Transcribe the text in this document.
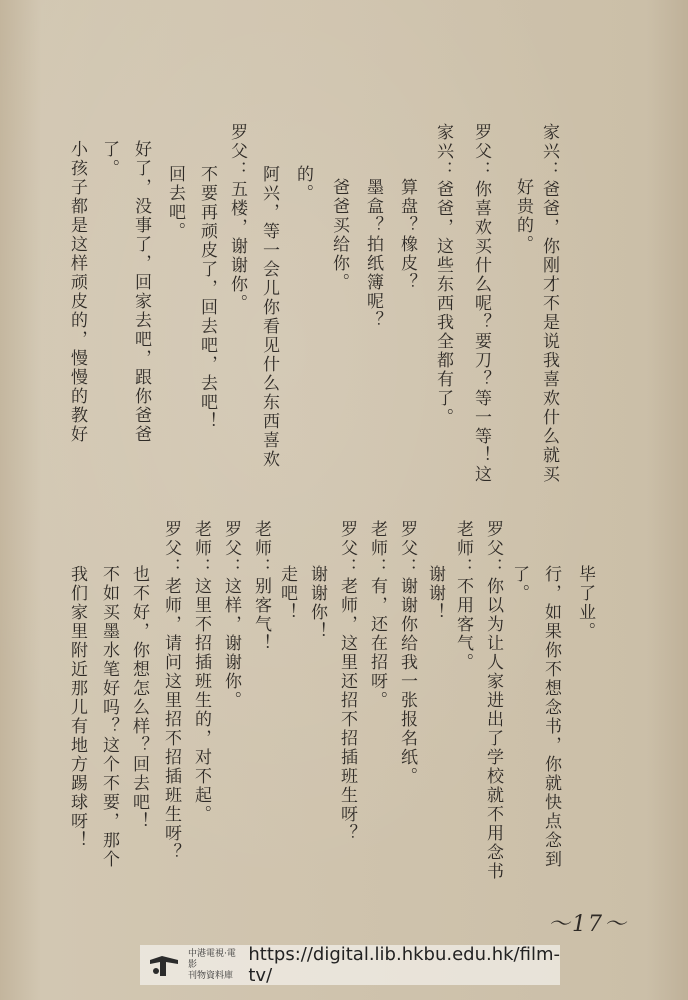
家兴：爸爸，你刚才不是说我喜欢什么就买
好贵的。
罗父：你喜欢买什么呢？要刀？等一等！这
家兴：爸爸，这些东西我全都有了。
算盘？橡皮？
墨盒？拍纸簿呢？
爸爸买给你。
的。
阿兴，等一会儿你看见什么东西喜欢
罗父：五楼，谢谢你。
不要再顽皮了，回去吧，去吧！
回去吧。
好了，没事了，回家去吧，跟你爸爸
了。
小孩子都是这样顽皮的，慢慢的教好
毕了业。
行，如果你不想念书，你就快点念到
了。
罗父：你以为让人家进出了学校就不用念书
老师：不用客气。
谢谢！
罗父：谢谢你给我一张报名纸。
老师：有，还在招呀。
罗父：老师，这里还招不招插班生呀？
谢谢你！
走吧！
老师：别客气！
罗父：这样，谢谢你。
老师：这里不招插班生的，对不起。
罗父：老师，请问这里招不招插班生呀？
也不好，你想怎么样？回去吧！
不如买墨水笔好吗？这个不要，那个
我们家里附近那儿有地方踢球呀！
～17～
中港電視·電影
刊物資料庫
https://digital.lib.hkbu.edu.hk/film-tv/
